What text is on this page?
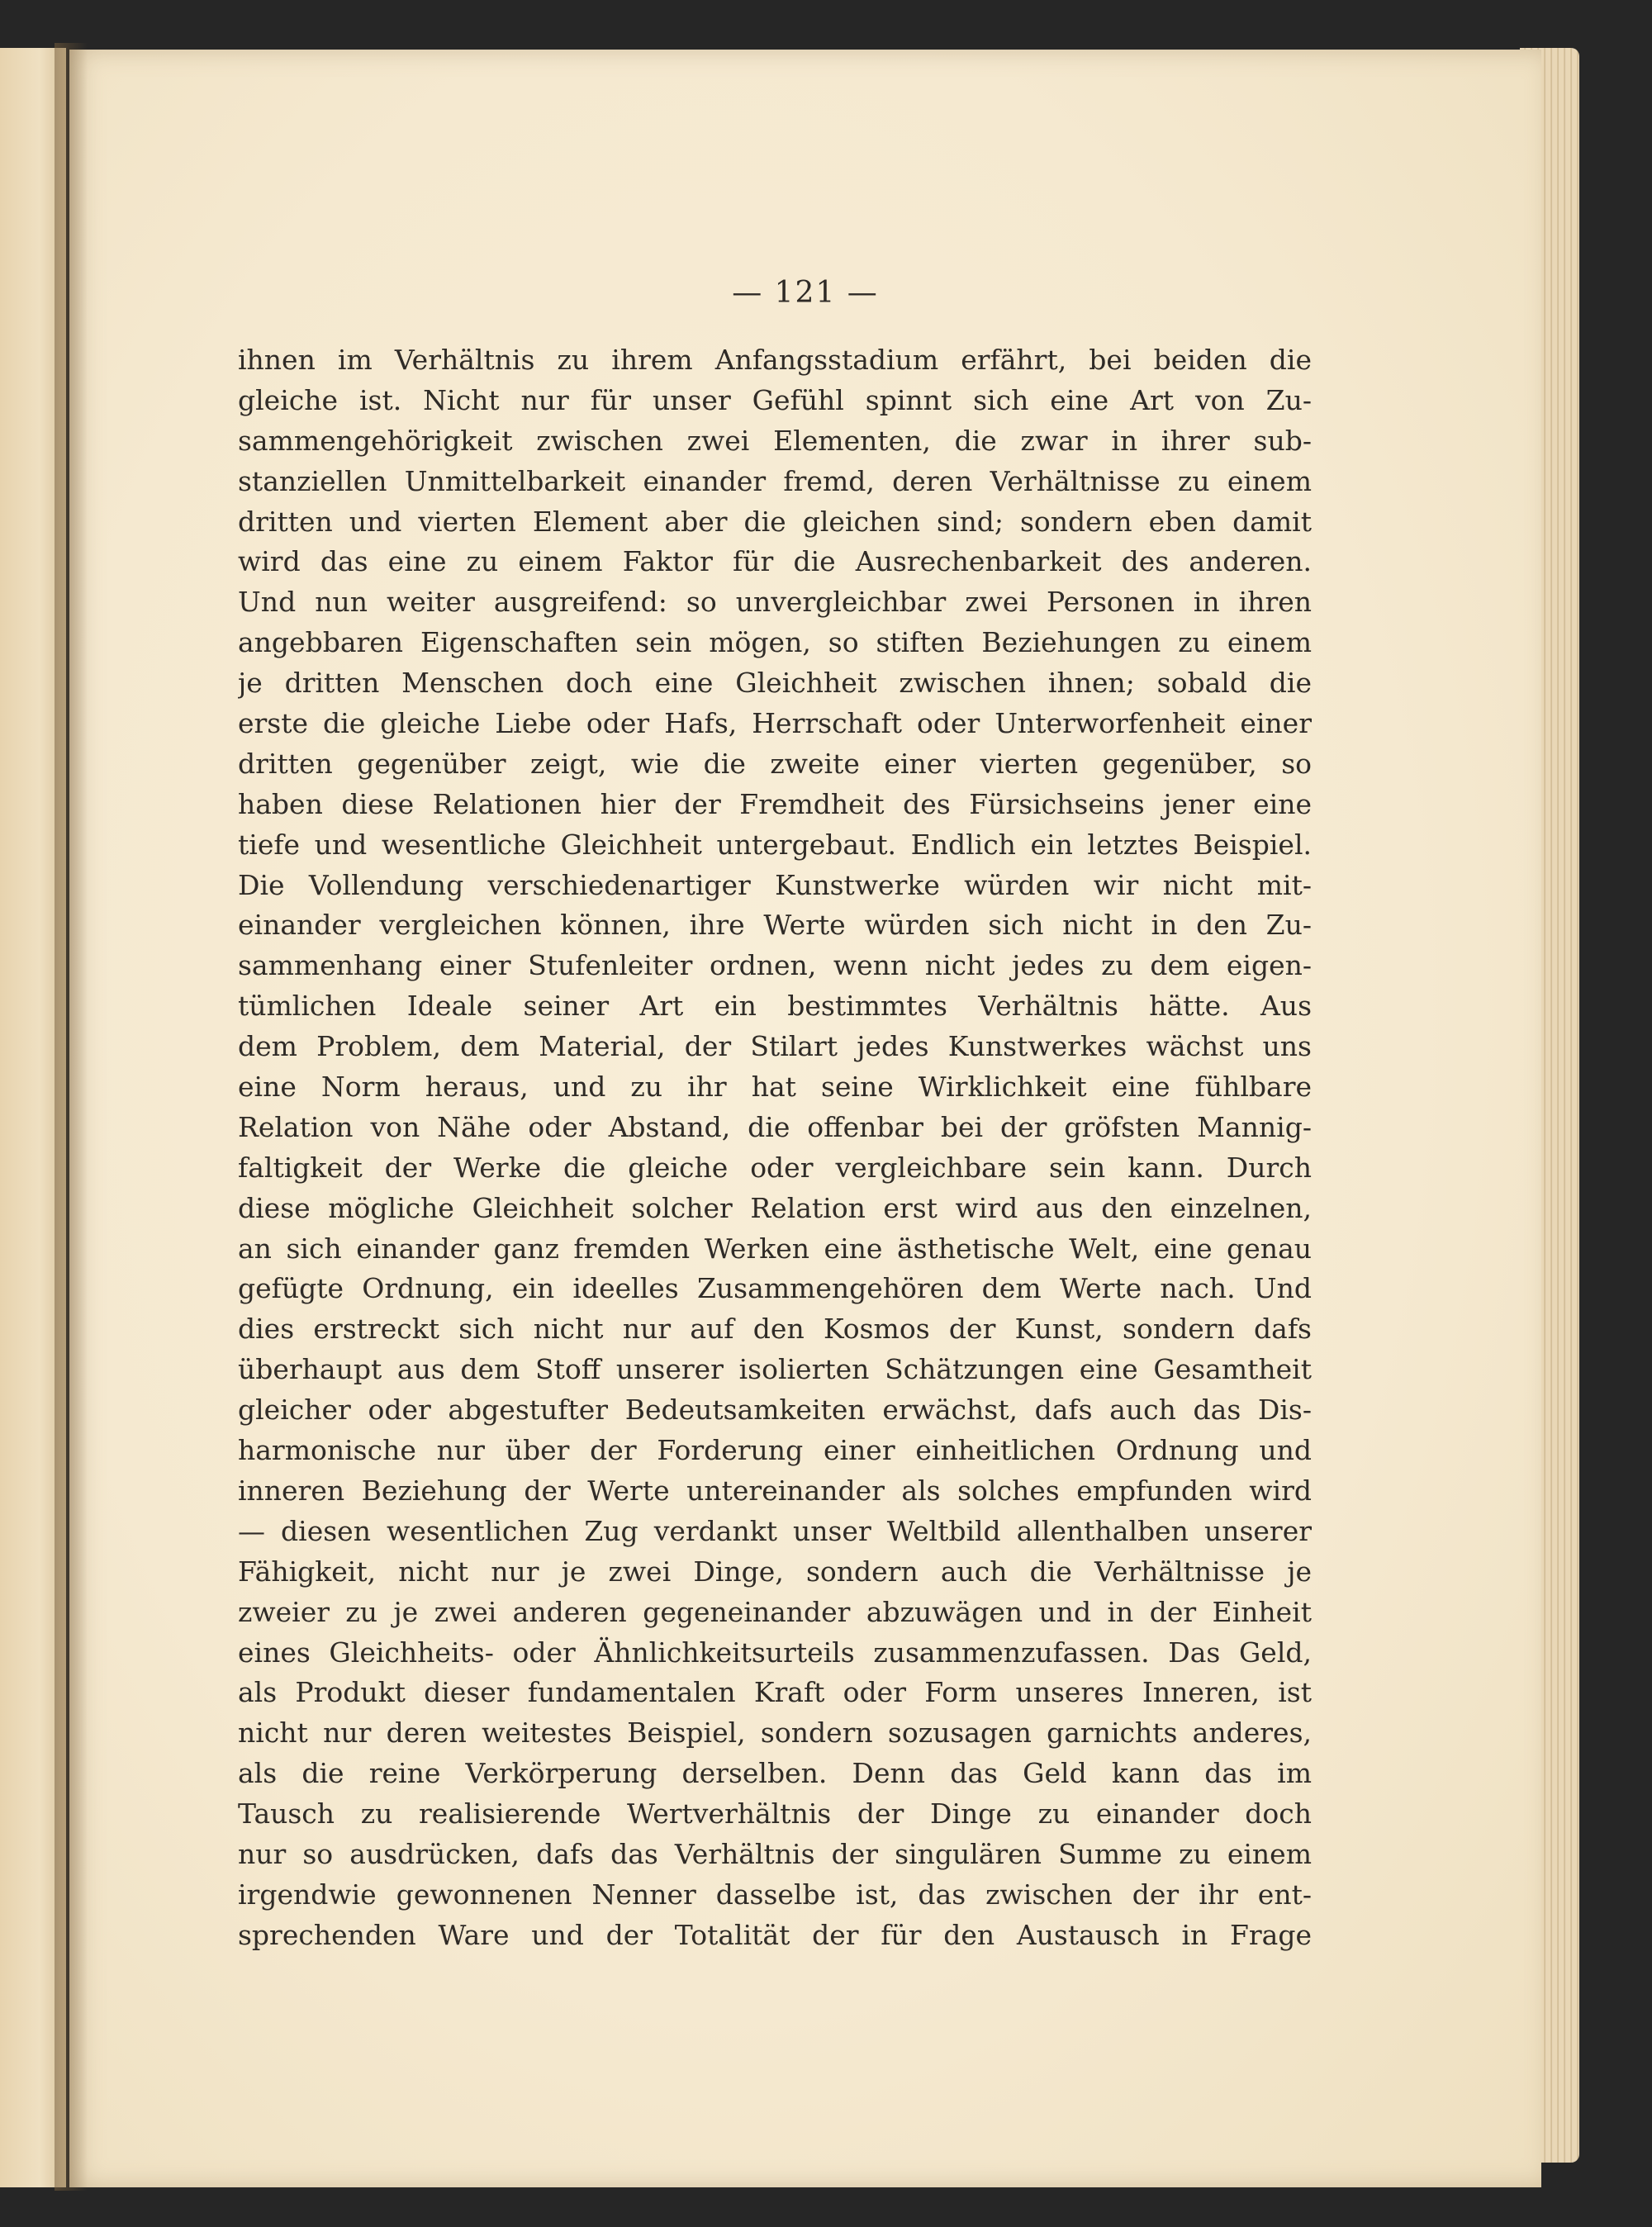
— 121 —
ihnen im Verhältnis zu ihrem Anfangsstadium erfährt, bei beiden die
gleiche ist. Nicht nur für unser Gefühl spinnt sich eine Art von Zu-
sammengehörigkeit zwischen zwei Elementen, die zwar in ihrer sub-
stanziellen Unmittelbarkeit einander fremd, deren Verhältnisse zu einem
dritten und vierten Element aber die gleichen sind; sondern eben damit
wird das eine zu einem Faktor für die Ausrechenbarkeit des anderen.
Und nun weiter ausgreifend: so unvergleichbar zwei Personen in ihren
angebbaren Eigenschaften sein mögen, so stiften Beziehungen zu einem
je dritten Menschen doch eine Gleichheit zwischen ihnen; sobald die
erste die gleiche Liebe oder Hafs, Herrschaft oder Unterworfenheit einer
dritten gegenüber zeigt, wie die zweite einer vierten gegenüber, so
haben diese Relationen hier der Fremdheit des Fürsichseins jener eine
tiefe und wesentliche Gleichheit untergebaut. Endlich ein letztes Beispiel.
Die Vollendung verschiedenartiger Kunstwerke würden wir nicht mit-
einander vergleichen können, ihre Werte würden sich nicht in den Zu-
sammenhang einer Stufenleiter ordnen, wenn nicht jedes zu dem eigen-
tümlichen Ideale seiner Art ein bestimmtes Verhältnis hätte. Aus
dem Problem, dem Material, der Stilart jedes Kunstwerkes wächst uns
eine Norm heraus, und zu ihr hat seine Wirklichkeit eine fühlbare
Relation von Nähe oder Abstand, die offenbar bei der gröfsten Mannig-
faltigkeit der Werke die gleiche oder vergleichbare sein kann. Durch
diese mögliche Gleichheit solcher Relation erst wird aus den einzelnen,
an sich einander ganz fremden Werken eine ästhetische Welt, eine genau
gefügte Ordnung, ein ideelles Zusammengehören dem Werte nach. Und
dies erstreckt sich nicht nur auf den Kosmos der Kunst, sondern dafs
überhaupt aus dem Stoff unserer isolierten Schätzungen eine Gesamtheit
gleicher oder abgestufter Bedeutsamkeiten erwächst, dafs auch das Dis-
harmonische nur über der Forderung einer einheitlichen Ordnung und
inneren Beziehung der Werte untereinander als solches empfunden wird
— diesen wesentlichen Zug verdankt unser Weltbild allenthalben unserer
Fähigkeit, nicht nur je zwei Dinge, sondern auch die Verhältnisse je
zweier zu je zwei anderen gegeneinander abzuwägen und in der Einheit
eines Gleichheits- oder Ähnlichkeitsurteils zusammenzufassen. Das Geld,
als Produkt dieser fundamentalen Kraft oder Form unseres Inneren, ist
nicht nur deren weitestes Beispiel, sondern sozusagen garnichts anderes,
als die reine Verkörperung derselben. Denn das Geld kann das im
Tausch zu realisierende Wertverhältnis der Dinge zu einander doch
nur so ausdrücken, dafs das Verhältnis der singulären Summe zu einem
irgendwie gewonnenen Nenner dasselbe ist, das zwischen der ihr ent-
sprechenden Ware und der Totalität der für den Austausch in Frage
